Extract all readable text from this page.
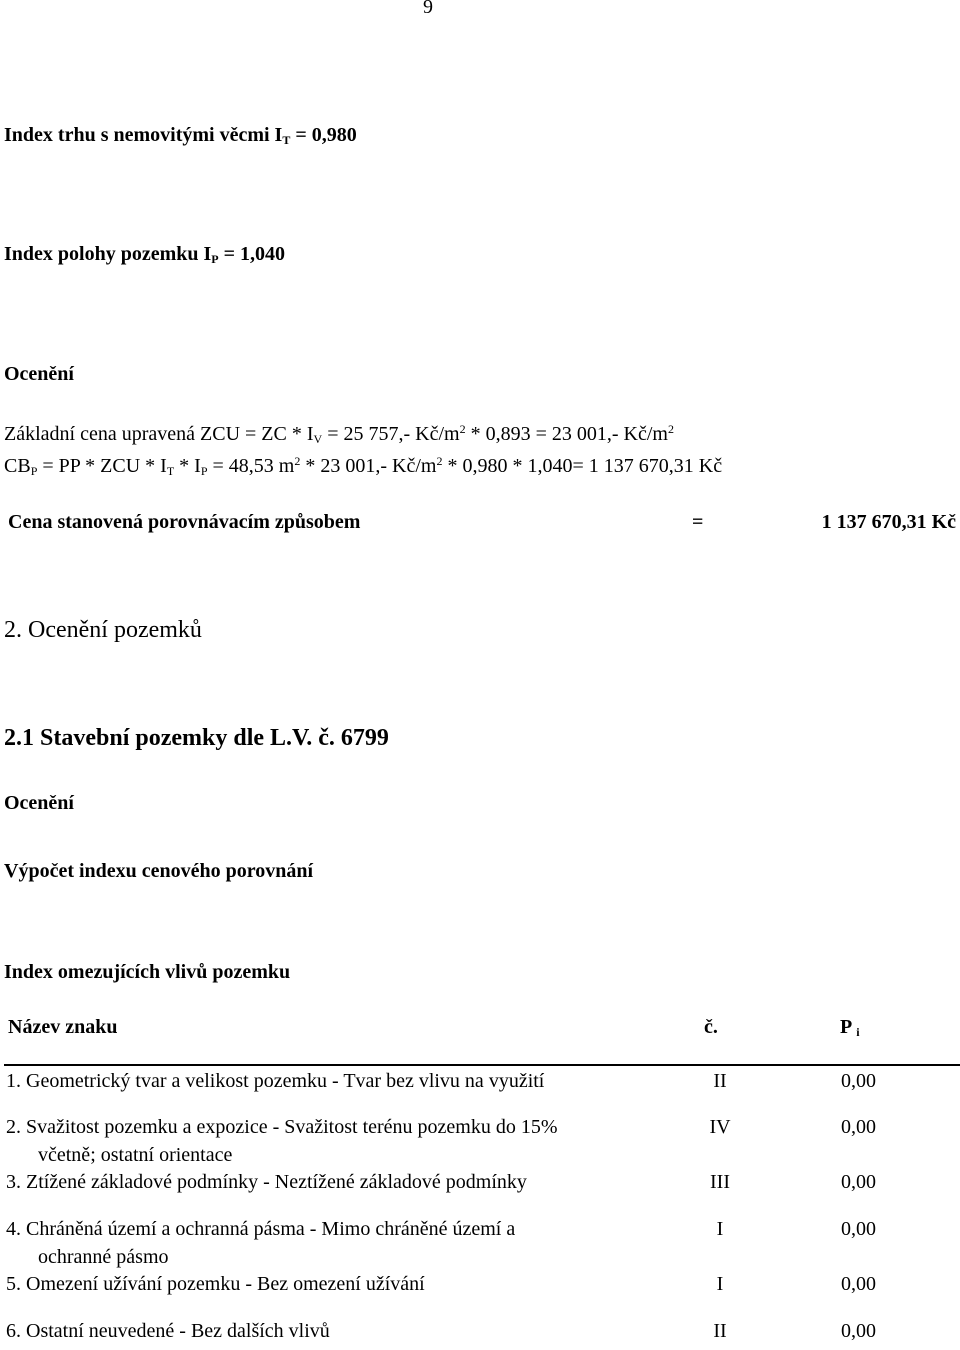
9
Index trhu s nemovitými věcmi $I_T = 0,980$
Index polohy pozemku $I_P = 1,040$
Ocenění
Základní cena upravená ZCU = ZC * $I_V = 25$ 757,- $Kč/m^2 * 0,893 = 23$ 001,- $Kč/m^2$
$CB_P$ = PP * ZCU * $I_T * I_P = 48,53$ $m^2 * 23$ 001,- $Kč/m^2 * 0,980 * 1,040= 1$ 137 670,31 Kč
Cena stanovená porovnávacím způsobem	=	1 137 670,31 Kč
2. Ocenění pozemků
2.1 Stavební pozemky dle L.V. č. 6799
Ocenění
Výpočet indexu cenového porovnání
Index omezujících vlivů pozemku
Název znaku	č.	P $_i$
1. Geometrický tvar a velikost pozemku - Tvar bez vlivu na využití	II	0,00
2. Svažitost pozemku a expozice - Svažitost terénu pozemku do 15%	IV	0,00
včetně; ostatní orientace
3. Ztížené základové podmínky - Neztížené základové podmínky	III	0,00
4. Chráněná území a ochranná pásma - Mimo chráněné území a	I	0,00
ochranné pásmo
5. Omezení užívání pozemku - Bez omezení užívání	I	0,00
6. Ostatní neuvedené - Bez dalších vlivů	II	0,00
